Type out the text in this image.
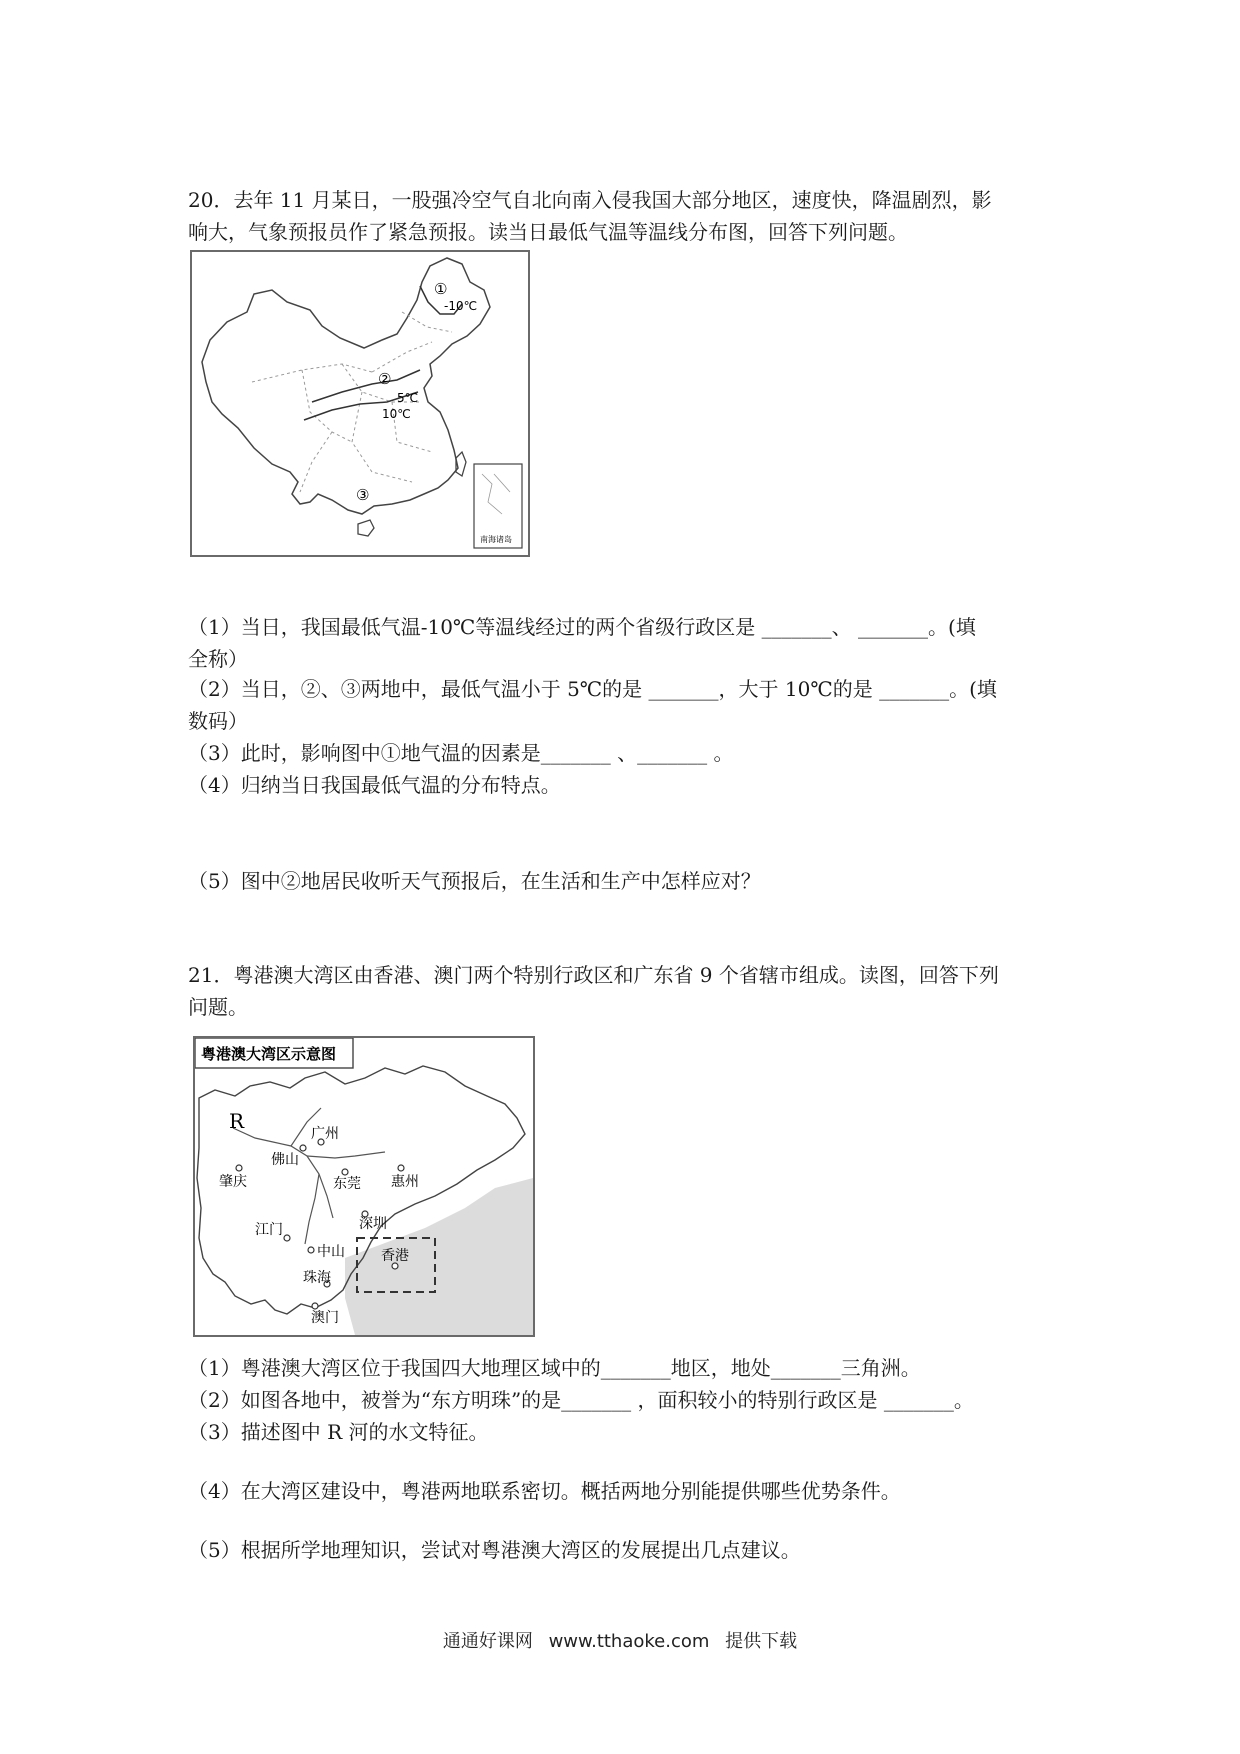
20．去年 11 月某日，一股强冷空气自北向南入侵我国大部分地区，速度快，降温剧烈，影
响大，气象预报员作了紧急预报。读当日最低气温等温线分布图，回答下列问题。
①
-10℃
②
5℃
10℃
③
南海诸岛
（1）当日，我国最低气温-10℃等温线经过的两个省级行政区是 _______、 _______。(填
全称）
（2）当日，②、③两地中，最低气温小于 5℃的是 _______，大于 10℃的是 _______。(填
数码）
（3）此时，影响图中①地气温的因素是_______ 、_______ 。
（4）归纳当日我国最低气温的分布特点。
（5）图中②地居民收听天气预报后，在生活和生产中怎样应对？
21．粤港澳大湾区由香港、澳门两个特别行政区和广东省 9 个省辖市组成。读图，回答下列
问题。
粤港澳大湾区示意图
R
佛山
广州
肇庆	东莞 惠州
深圳
江门
中山
珠海
香港
澳门
（1）粤港澳大湾区位于我国四大地理区域中的_______地区，地处_______三角洲。
（2）如图各地中，被誉为“东方明珠”的是_______ ，面积较小的特别行政区是 _______。
（3）描述图中 R 河的水文特征。
（4）在大湾区建设中，粤港两地联系密切。概括两地分别能提供哪些优势条件。
（5）根据所学地理知识，尝试对粤港澳大湾区的发展提出几点建议。
通通好课网 www.tthaoke.com 提供下载
